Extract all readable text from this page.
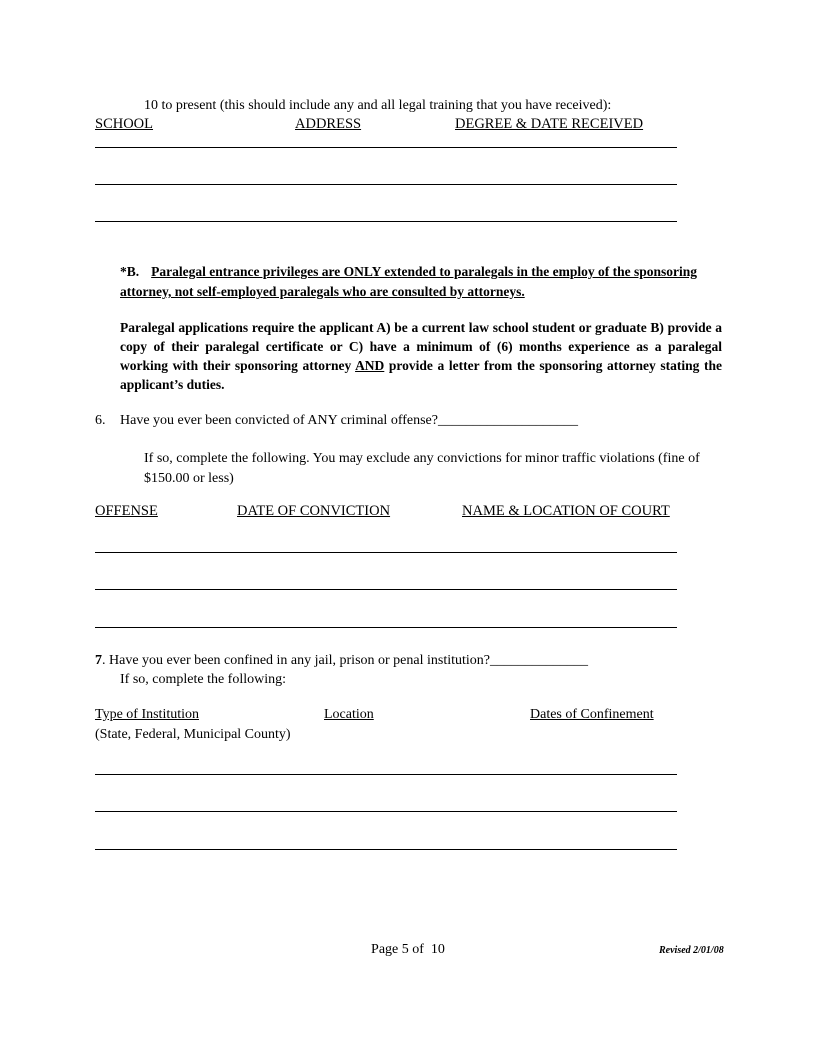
10 to present (this should include any and all legal training that you have received):
SCHOOL	ADDRESS	DEGREE & DATE RECEIVED
*B. Paralegal entrance privileges are ONLY extended to paralegals in the employ of the sponsoring attorney, not self-employed paralegals who are consulted by attorneys.
Paralegal applications require the applicant A) be a current law school student or graduate B) provide a copy of their paralegal certificate or C) have a minimum of (6) months experience as a paralegal working with their sponsoring attorney AND provide a letter from the sponsoring attorney stating the applicant’s duties.
6. Have you ever been convicted of ANY criminal offense?____________________
If so, complete the following. You may exclude any convictions for minor traffic violations (fine of $150.00 or less)
OFFENSE	DATE OF CONVICTION	NAME & LOCATION OF COURT
7. Have you ever been confined in any jail, prison or penal institution?______________
If so, complete the following:
Type of Institution	Location	Dates of Confinement
(State, Federal, Municipal County)
Page 5 of  10	Revised 2/01/08
